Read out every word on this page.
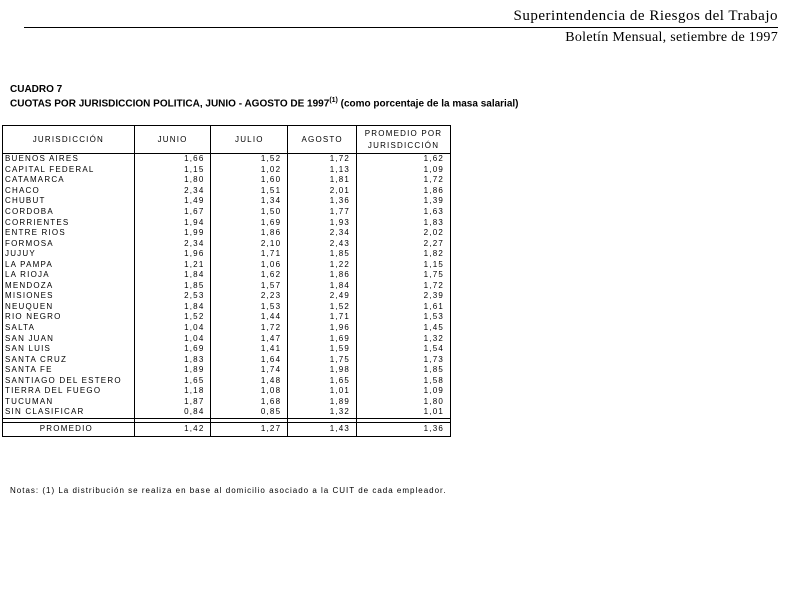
Superintendencia de Riesgos del Trabajo
Boletín Mensual, setiembre de 1997
CUADRO 7
CUOTAS POR JURISDICCION POLITICA, JUNIO - AGOSTO DE 1997$^{(1)}$ (como porcentaje de la masa salarial)
JURISDICCIÓN	JUNIO	JULIO	AGOSTO	PROMEDIO POR
JURISDICCIÓN
BUENOS AIRES	1,66	1,52	1,72	1,62
CAPITAL FEDERAL	1,15	1,02	1,13	1,09
CATAMARCA	1,80	1,60	1,81	1,72
CHACO	2,34	1,51	2,01	1,86
CHUBUT	1,49	1,34	1,36	1,39
CORDOBA	1,67	1,50	1,77	1,63
CORRIENTES	1,94	1,69	1,93	1,83
ENTRE RIOS	1,99	1,86	2,34	2,02
FORMOSA	2,34	2,10	2,43	2,27
JUJUY	1,96	1,71	1,85	1,82
LA PAMPA	1,21	1,06	1,22	1,15
LA RIOJA	1,84	1,62	1,86	1,75
MENDOZA	1,85	1,57	1,84	1,72
MISIONES	2,53	2,23	2,49	2,39
NEUQUEN	1,84	1,53	1,52	1,61
RIO NEGRO	1,52	1,44	1,71	1,53
SALTA	1,04	1,72	1,96	1,45
SAN JUAN	1,04	1,47	1,69	1,32
SAN LUIS	1,69	1,41	1,59	1,54
SANTA CRUZ	1,83	1,64	1,75	1,73
SANTA FE	1,89	1,74	1,98	1,85
SANTIAGO DEL ESTERO	1,65	1,48	1,65	1,58
TIERRA DEL FUEGO	1,18	1,08	1,01	1,09
TUCUMAN	1,87	1,68	1,89	1,80
SIN CLASIFICAR	0,84	0,85	1,32	1,01

PROMEDIO	1,42	1,27	1,43	1,36
Notas: (1) La distribución se realiza en base al domicilio asociado a la CUIT de cada empleador.
